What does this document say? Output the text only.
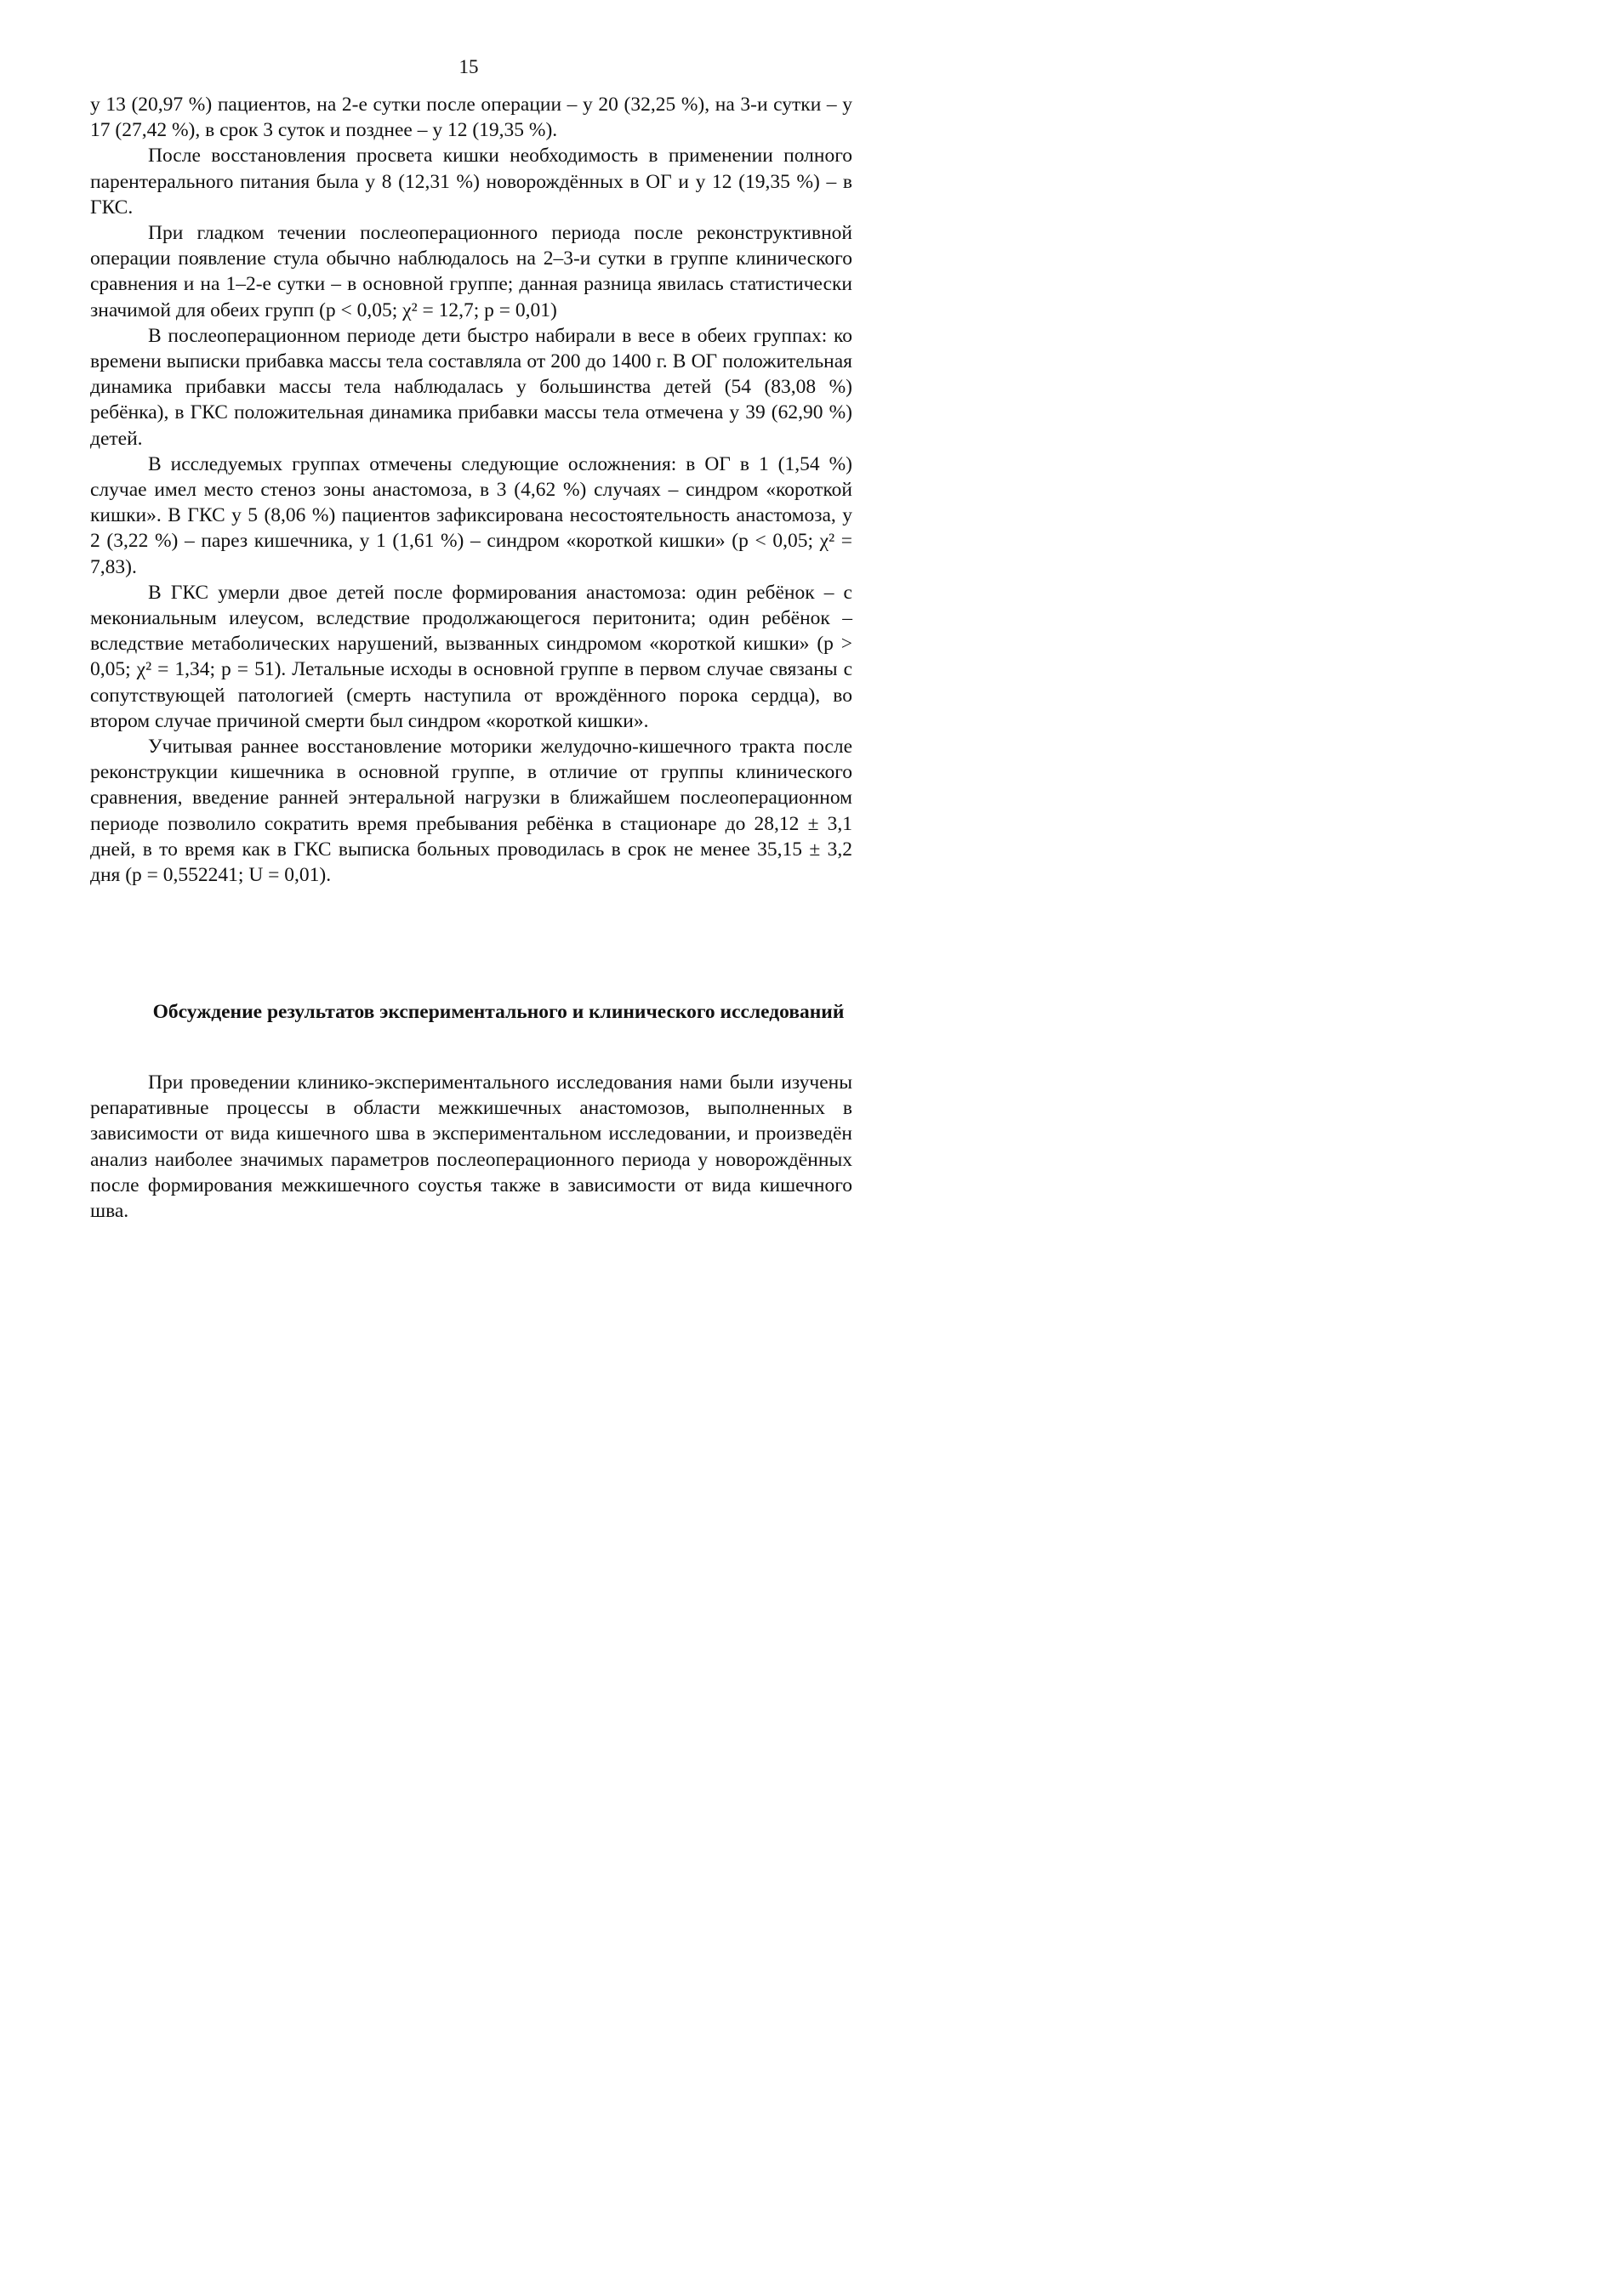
15

у 13 (20,97 %) пациентов, на 2-е сутки после операции – у 20 (32,25 %), на 3-и сутки – у 17 (27,42 %), в срок 3 суток и позднее – у 12 (19,35 %).

После восстановления просвета кишки необходимость в применении полного парентерального питания была у 8 (12,31 %) новорождённых в ОГ и у 12 (19,35 %) – в ГКС.

При гладком течении послеоперационного периода после реконструктивной операции появление стула обычно наблюдалось на 2–3-и сутки в группе клинического сравнения и на 1–2-е сутки – в основной группе; данная разница явилась статистически значимой для обеих групп (p < 0,05; χ² = 12,7; p = 0,01)

В послеоперационном периоде дети быстро набирали в весе в обеих группах: ко времени выписки прибавка массы тела составляла от 200 до 1400 г. В ОГ положительная динамика прибавки массы тела наблюдалась у большинства детей (54 (83,08 %) ребёнка), в ГКС положительная динамика прибавки массы тела отмечена у 39 (62,90 %) детей.

В исследуемых группах отмечены следующие осложнения: в ОГ в 1 (1,54 %) случае имел место стеноз зоны анастомоза, в 3 (4,62 %) случаях – синдром «короткой кишки». В ГКС у 5 (8,06 %) пациентов зафиксирована несостоятельность анастомоза, у 2 (3,22 %) – парез кишечника, у 1 (1,61 %) – синдром «короткой кишки» (p < 0,05; χ² = 7,83).

В ГКС умерли двое детей после формирования анастомоза: один ребёнок – с мекониальным илеусом, вследствие продолжающегося перитонита; один ребёнок – вследствие метаболических нарушений, вызванных синдромом «короткой кишки» (p > 0,05; χ² = 1,34; p = 51). Летальные исходы в основной группе в первом случае связаны с сопутствующей патологией (смерть наступила от врождённого порока сердца), во втором случае причиной смерти был синдром «короткой кишки».

Учитывая раннее восстановление моторики желудочно-кишечного тракта после реконструкции кишечника в основной группе, в отличие от группы клинического сравнения, введение ранней энтеральной нагрузки в ближайшем послеоперационном периоде позволило сократить время пребывания ребёнка в стационаре до 28,12 ± 3,1 дней, в то время как в ГКС выписка больных проводилась в срок не менее 35,15 ± 3,2 дня (p = 0,552241; U = 0,01).

Обсуждение результатов экспериментального и клинического исследований

При проведении клинико-экспериментального исследования нами были изучены репаративные процессы в области межкишечных анастомозов, выполненных в зависимости от вида кишечного шва в экспериментальном исследовании, и произведён анализ наиболее значимых параметров послеоперационного периода у новорождённых после формирования межкишечного соустья также в зависимости от вида кишечного шва.
